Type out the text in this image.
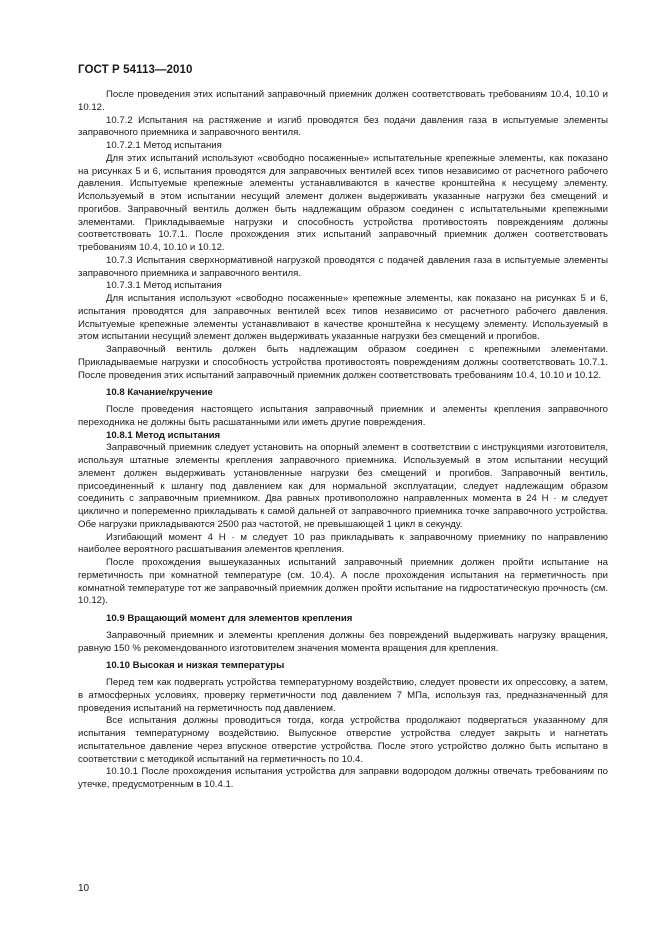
ГОСТ Р 54113—2010

После проведения этих испытаний заправочный приемник должен соответствовать требованиям 10.4, 10.10 и 10.12.

10.7.2 Испытания на растяжение и изгиб проводятся без подачи давления газа в испытуемые элементы заправочного приемника и заправочного вентиля.

10.7.2.1 Метод испытания

Для этих испытаний используют «свободно посаженные» испытательные крепежные элементы, как показано на рисунках 5 и 6, испытания проводятся для заправочных вентилей всех типов независимо от расчетного рабочего давления. Испытуемые крепежные элементы устанавливаются в качестве кронштейна к несущему элементу. Используемый в этом испытании несущий элемент должен выдерживать указанные нагрузки без смещений и прогибов. Заправочный вентиль должен быть надлежащим образом соединен с испытательными крепежными элементами. Прикладываемые нагрузки и способность устройства противостоять повреждениям должны соответствовать 10.7.1. После прохождения этих испытаний заправочный приемник должен соответствовать требованиям 10.4, 10.10 и 10.12.

10.7.3 Испытания сверхнормативной нагрузкой проводятся с подачей давления газа в испытуемые элементы заправочного приемника и заправочного вентиля.

10.7.3.1 Метод испытания

Для испытания используют «свободно посаженные» крепежные элементы, как показано на рисунках 5 и 6, испытания проводятся для заправочных вентилей всех типов независимо от расчетного рабочего давления. Испытуемые крепежные элементы устанавливают в качестве кронштейна к несущему элементу. Используемый в этом испытании несущий элемент должен выдерживать указанные нагрузки без смещений и прогибов.

Заправочный вентиль должен быть надлежащим образом соединен с крепежными элементами. Прикладываемые нагрузки и способность устройства противостоять повреждениям должны соответствовать 10.7.1. После проведения этих испытаний заправочный приемник должен соответствовать требованиям 10.4, 10.10 и 10.12.

10.8 Качание/кручение

После проведения настоящего испытания заправочный приемник и элементы крепления заправочного переходника не должны быть расшатанными или иметь другие повреждения.

10.8.1 Метод испытания

Заправочный приемник следует установить на опорный элемент в соответствии с инструкциями изготовителя, используя штатные элементы крепления заправочного приемника. Используемый в этом испытании несущий элемент должен выдерживать установленные нагрузки без смещений и прогибов. Заправочный вентиль, присоединенный к шлангу под давлением как для нормальной эксплуатации, следует надлежащим образом соединить с заправочным приемником. Два равных противоположно направленных момента в 24 Н · м следует циклично и попеременно прикладывать к самой дальней от заправочного приемника точке заправочного устройства. Обе нагрузки прикладываются 2500 раз частотой, не превышающей 1 цикл в секунду.

Изгибающий момент 4 Н · м следует 10 раз прикладывать к заправочному приемнику по направлению наиболее вероятного расшатывания элементов крепления.

После прохождения вышеуказанных испытаний заправочный приемник должен пройти испытание на герметичность при комнатной температуре (см. 10.4). А после прохождения испытания на герметичность при комнатной температуре тот же заправочный приемник должен пройти испытание на гидростатическую прочность (см. 10.12).

10.9 Вращающий момент для элементов крепления

Заправочный приемник и элементы крепления должны без повреждений выдерживать нагрузку вращения, равную 150 % рекомендованного изготовителем значения момента вращения для крепления.

10.10 Высокая и низкая температуры

Перед тем как подвергать устройства температурному воздействию, следует провести их опрессовку, а затем, в атмосферных условиях, проверку герметичности под давлением 7 МПа, используя газ, предназначенный для проведения испытаний на герметичность под давлением.

Все испытания должны проводиться тогда, когда устройства продолжают подвергаться указанному для испытания температурному воздействию. Выпускное отверстие устройства следует закрыть и нагнетать испытательное давление через впускное отверстие устройства. После этого устройство должно быть испытано в соответствии с методикой испытаний на герметичность по 10.4.

10.10.1 После прохождения испытания устройства для заправки водородом должны отвечать требованиям по утечке, предусмотренным в 10.4.1.

10
